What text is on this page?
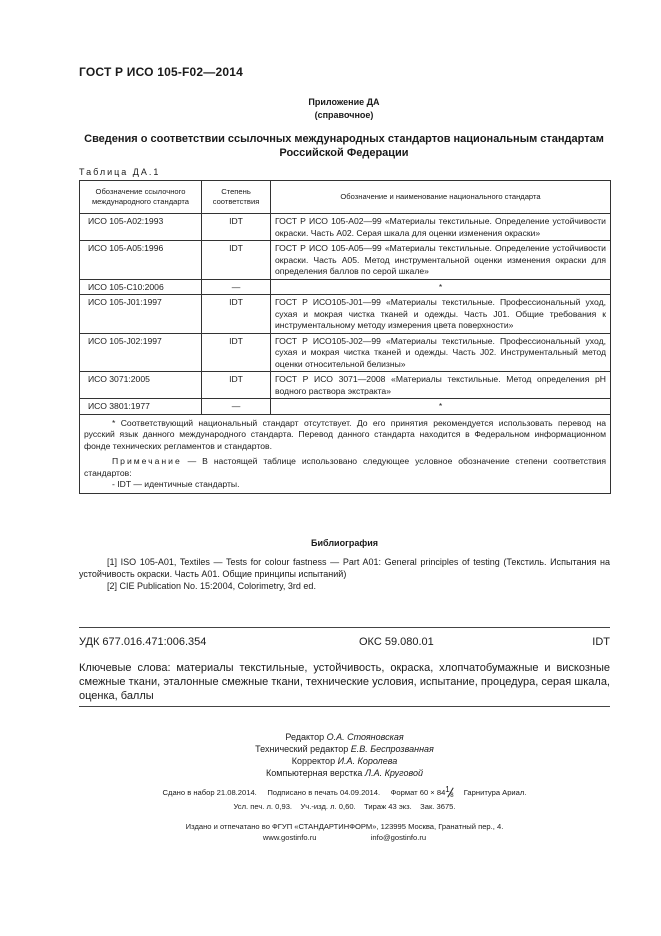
ГОСТ Р ИСО 105-F02—2014
Приложение ДА
(справочное)
Сведения о соответствии ссылочных международных стандартов национальным стандартам Российской Федерации
Таблица ДА.1
Обозначение ссылочного международного стандарта	Степень соответствия	Обозначение и наименование национального стандарта
ИСО 105-А02:1993	IDT	ГОСТ Р ИСО 105-А02—99 «Материалы текстильные. Определение устойчивости окраски. Часть А02. Серая шкала для оценки изменения окраски»
ИСО 105-А05:1996	IDT	ГОСТ Р ИСО 105-А05—99 «Материалы текстильные. Определение устойчивости окраски. Часть А05. Метод инструментальной оценки изменения окраски для определения баллов по серой шкале»
ИСО 105-С10:2006	—	*
ИСО 105-J01:1997	IDT	ГОСТ Р ИСО105-J01—99 «Материалы текстильные. Профессиональный уход, сухая и мокрая чистка тканей и одежды. Часть J01. Общие требования к инструментальному методу измерения цвета поверхности»
ИСО 105-J02:1997	IDT	ГОСТ Р ИСО105-J02—99 «Материалы текстильные. Профессиональный уход, сухая и мокрая чистка тканей и одежды. Часть J02. Инструментальный метод оценки относительной белизны»
ИСО 3071:2005	IDT	ГОСТ Р ИСО 3071—2008 «Материалы текстильные. Метод определения рН водного раствора экстракта»
ИСО 3801:1977	—	*

* Соответствующий национальный стандарт отсутствует. До его принятия рекомендуется использовать перевод на русский язык данного международного стандарта. Перевод данного стандарта находится в Федеральном информационном фонде технических регламентов и стандартов.
Примечание — В настоящей таблице использовано следующее условное обозначение степени соответствия стандартов:
- IDT — идентичные стандарты.		
Библиография
[1] ISO 105-A01, Textiles — Tests for colour fastness — Part A01: General principles of testing (Текстиль. Испытания на устойчивость окраски. Часть А01. Общие принципы испытаний)
[2] CIE Publication No. 15:2004, Colorimetry, 3rd ed.
УДК 677.016.471:006.354	ОКС 59.080.01	IDT
Ключевые слова: материалы текстильные, устойчивость, окраска, хлопчатобумажные и вискозные смежные ткани, эталонные смежные ткани, технические условия, испытание, процедура, серая шкала, оценка, баллы
Редактор О.А. Стояновская
Технический редактор Е.В. Беспрозванная
Корректор И.А. Королева
Компьютерная верстка Л.А. Круговой
Сдано в набор 21.08.2014. Подписано в печать 04.09.2014. Формат 60 × 84 1
8 Гарнитура Ариал.
Усл. печ. л. 0,93.    Уч.-изд. л. 0,60.    Тираж 43 экз.    Зак. 3675.
Издано и отпечатано во ФГУП «СТАНДАРТИНФОРМ», 123995 Москва, Гранатный пер., 4.
www.gostinfo.ru	info@gostinfo.ru
